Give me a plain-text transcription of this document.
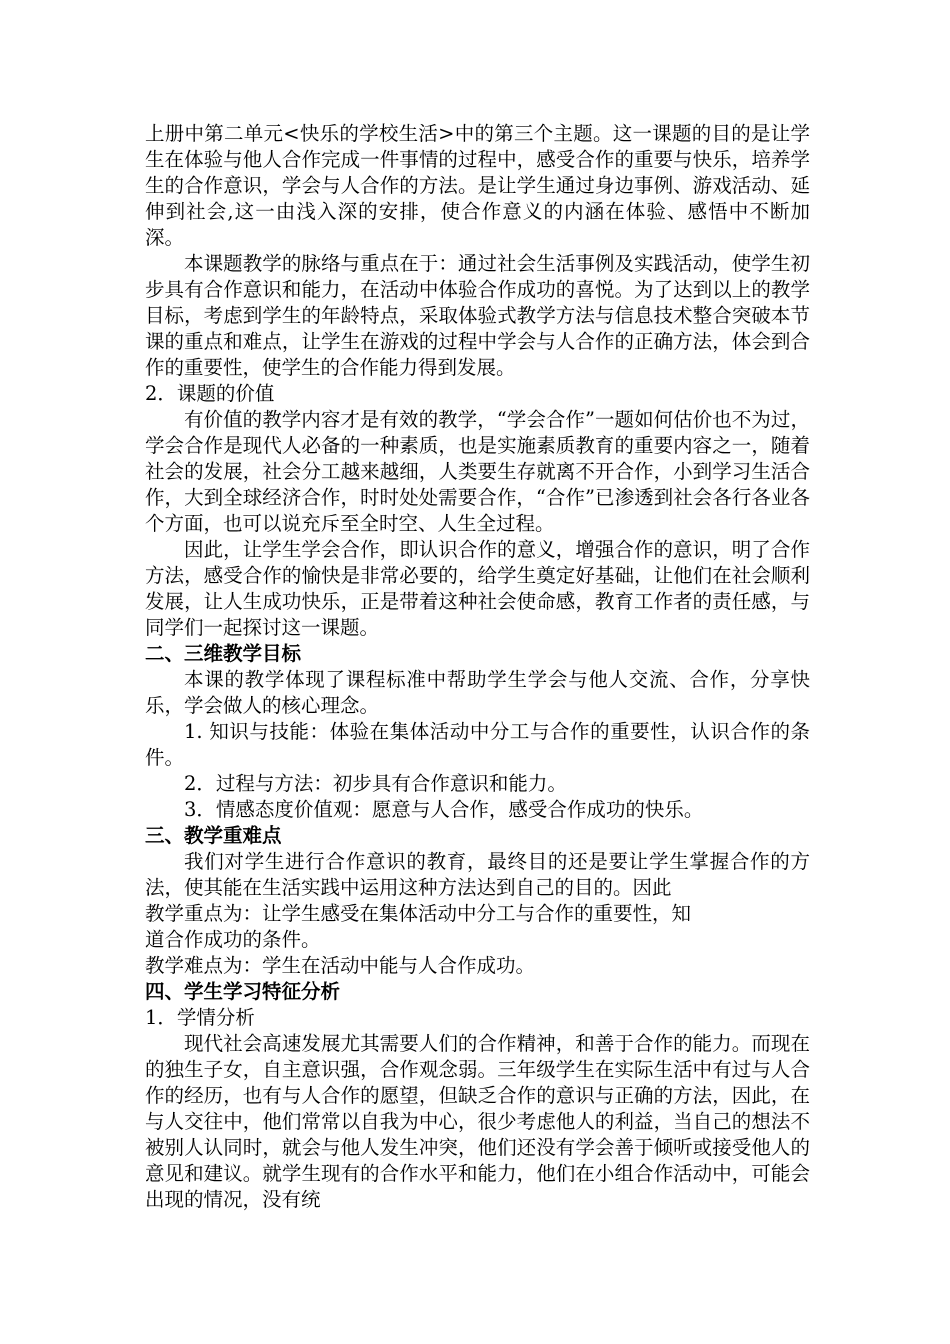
上册中第二单元<快乐的学校生活>中的第三个主题。这一课题的目的是让学生在体验与他人合作完成一件事情的过程中，感受合作的重要与快乐，培养学生的合作意识，学会与人合作的方法。是让学生通过身边事例、游戏活动、延伸到社会,这一由浅入深的安排，使合作意义的内涵在体验、感悟中不断加深。

本课题教学的脉络与重点在于：通过社会生活事例及实践活动，使学生初步具有合作意识和能力，在活动中体验合作成功的喜悦。为了达到以上的教学目标，考虑到学生的年龄特点，采取体验式教学方法与信息技术整合突破本节课的重点和难点，让学生在游戏的过程中学会与人合作的正确方法，体会到合作的重要性，使学生的合作能力得到发展。

2．课题的价值

有价值的教学内容才是有效的教学，“学会合作”一题如何估价也不为过，学会合作是现代人必备的一种素质，也是实施素质教育的重要内容之一，随着社会的发展，社会分工越来越细，人类要生存就离不开合作，小到学习生活合作，大到全球经济合作，时时处处需要合作，“合作”已渗透到社会各行各业各个方面，也可以说充斥至全时空、人生全过程。

因此，让学生学会合作，即认识合作的意义，增强合作的意识，明了合作方法，感受合作的愉快是非常必要的，给学生奠定好基础，让他们在社会顺利发展，让人生成功快乐，正是带着这种社会使命感，教育工作者的责任感，与同学们一起探讨这一课题。

二、三维教学目标

本课的教学体现了课程标准中帮助学生学会与他人交流、合作，分享快乐，学会做人的核心理念。

1. 知识与技能：体验在集体活动中分工与合作的重要性，认识合作的条件。

2．过程与方法：初步具有合作意识和能力。

3．情感态度价值观：愿意与人合作，感受合作成功的快乐。

三、教学重难点

我们对学生进行合作意识的教育，最终目的还是要让学生掌握合作的方法，使其能在生活实践中运用这种方法达到自己的目的。因此

教学重点为：让学生感受在集体活动中分工与合作的重要性，知

道合作成功的条件。

教学难点为：学生在活动中能与人合作成功。

四、学生学习特征分析

1．学情分析

现代社会高速发展尤其需要人们的合作精神，和善于合作的能力。而现在的独生子女，自主意识强，合作观念弱。三年级学生在实际生活中有过与人合作的经历，也有与人合作的愿望，但缺乏合作的意识与正确的方法，因此，在与人交往中，他们常常以自我为中心，很少考虑他人的利益，当自己的想法不被别人认同时，就会与他人发生冲突，他们还没有学会善于倾听或接受他人的意见和建议。就学生现有的合作水平和能力，他们在小组合作活动中，可能会出现的情况，没有统
